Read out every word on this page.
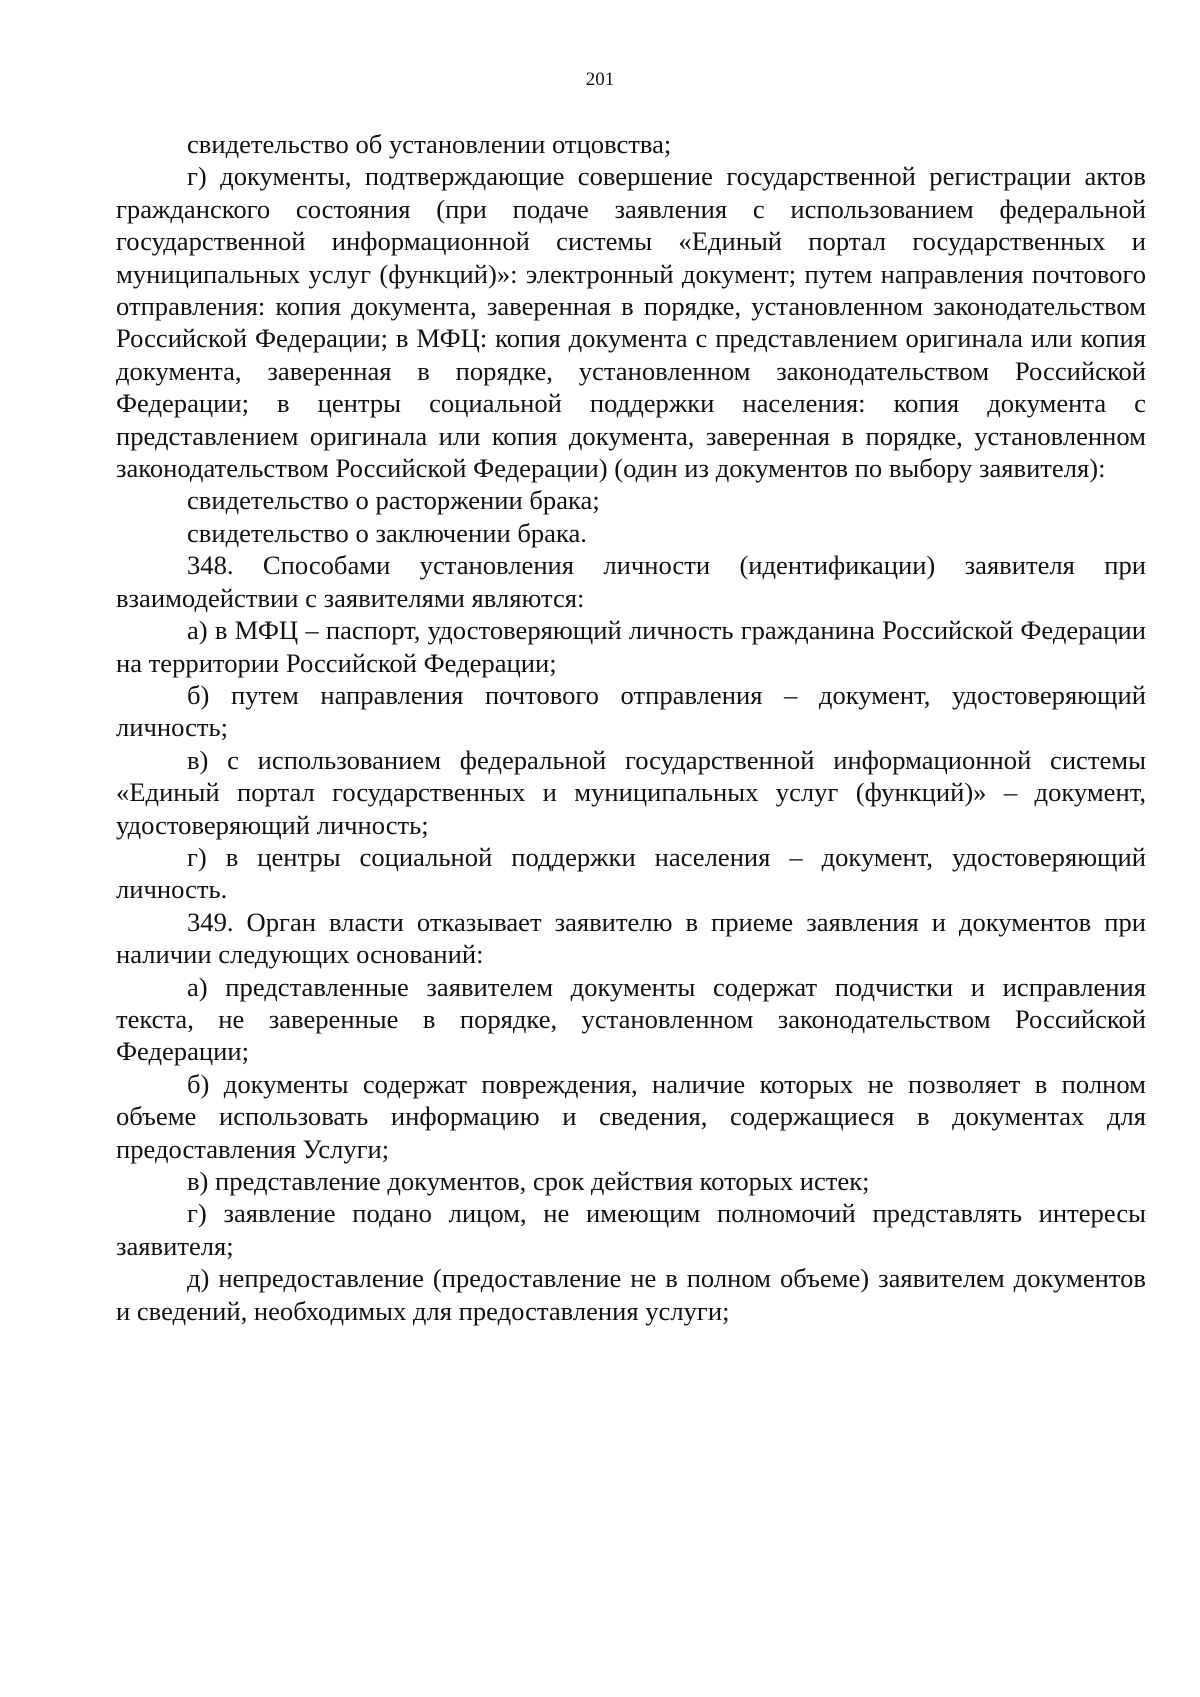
201

свидетельство об установлении отцовства;

г) документы, подтверждающие совершение государственной регистрации актов гражданского состояния (при подаче заявления с использованием федеральной государственной информационной системы «Единый портал государственных и муниципальных услуг (функций)»: электронный документ; путем направления почтового отправления: копия документа, заверенная в порядке, установленном законодательством Российской Федерации; в МФЦ: копия документа с представлением оригинала или копия документа, заверенная в порядке, установленном законодательством Российской Федерации; в центры социальной поддержки населения: копия документа с представлением оригинала или копия документа, заверенная в порядке, установленном законодательством Российской Федерации) (один из документов по выбору заявителя):

свидетельство о расторжении брака;

свидетельство о заключении брака.

348. Способами установления личности (идентификации) заявителя при взаимодействии с заявителями являются:

а) в МФЦ – паспорт, удостоверяющий личность гражданина Российской Федерации на территории Российской Федерации;

б) путем направления почтового отправления – документ, удостоверяющий личность;

в) с использованием федеральной государственной информационной системы «Единый портал государственных и муниципальных услуг (функций)» – документ, удостоверяющий личность;

г) в центры социальной поддержки населения – документ, удостоверяющий личность.

349. Орган власти отказывает заявителю в приеме заявления и документов при наличии следующих оснований:

а) представленные заявителем документы содержат подчистки и исправления текста, не заверенные в порядке, установленном законодательством Российской Федерации;

б) документы содержат повреждения, наличие которых не позволяет в полном объеме использовать информацию и сведения, содержащиеся в документах для предоставления Услуги;

в) представление документов, срок действия которых истек;

г) заявление подано лицом, не имеющим полномочий представлять интересы заявителя;

д) непредоставление (предоставление не в полном объеме) заявителем документов и сведений, необходимых для предоставления услуги;
